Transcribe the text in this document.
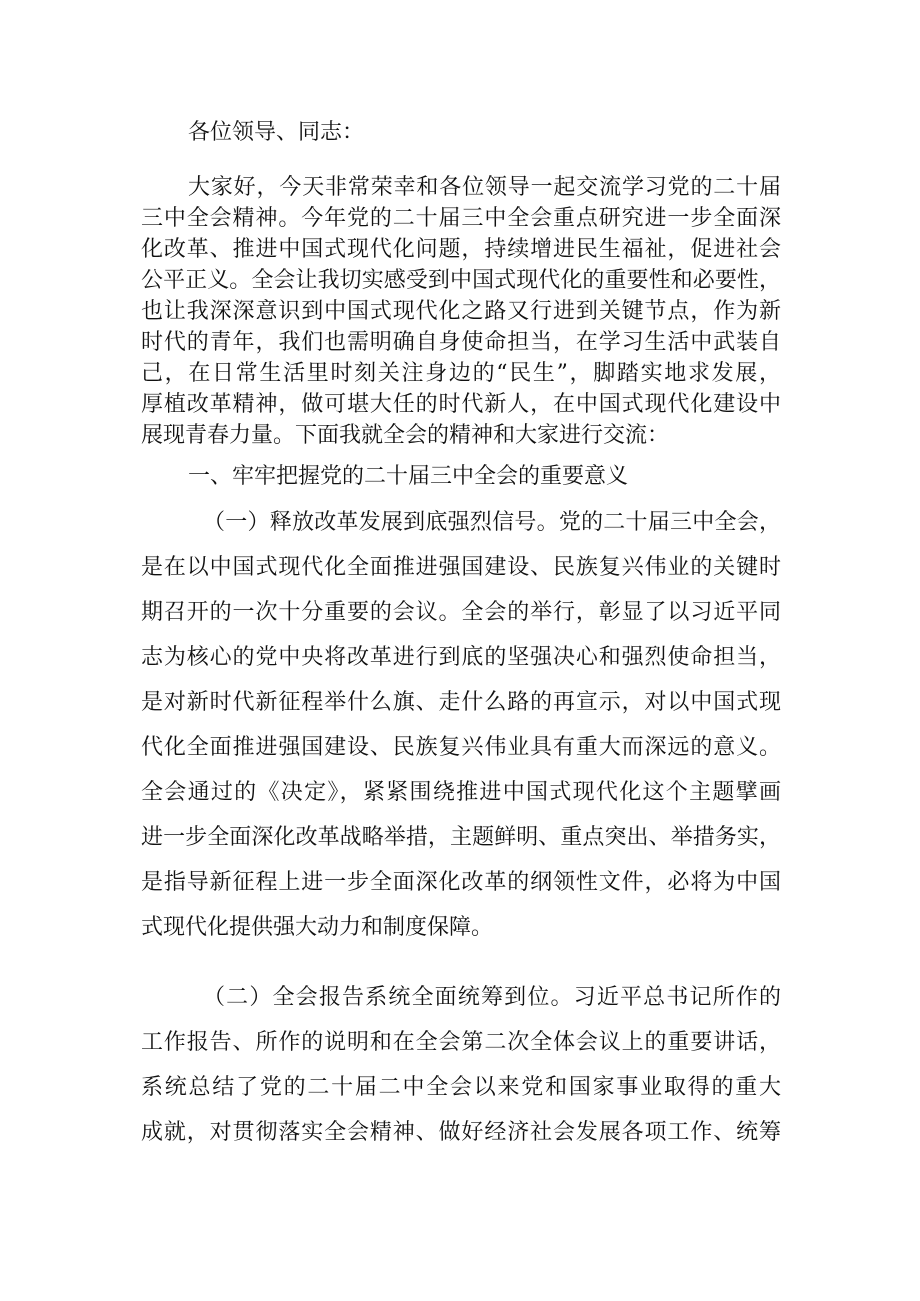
各位领导、同志：
大家好，今天非常荣幸和各位领导一起交流学习党的二十届
三中全会精神。今年党的二十届三中全会重点研究进一步全面深
化改革、推进中国式现代化问题，持续增进民生福祉，促进社会
公平正义。全会让我切实感受到中国式现代化的重要性和必要性，
也让我深深意识到中国式现代化之路又行进到关键节点，作为新
时代的青年，我们也需明确自身使命担当，在学习生活中武装自
己，在日常生活里时刻关注身边的“民生”，脚踏实地求发展，
厚植改革精神，做可堪大任的时代新人，在中国式现代化建设中
展现青春力量。下面我就全会的精神和大家进行交流：
一、牢牢把握党的二十届三中全会的重要意义
（一）释放改革发展到底强烈信号。党的二十届三中全会，
是在以中国式现代化全面推进强国建设、民族复兴伟业的关键时
期召开的一次十分重要的会议。全会的举行，彰显了以习近平同
志为核心的党中央将改革进行到底的坚强决心和强烈使命担当，
是对新时代新征程举什么旗、走什么路的再宣示，对以中国式现
代化全面推进强国建设、民族复兴伟业具有重大而深远的意义。
全会通过的《决定》，紧紧围绕推进中国式现代化这个主题擘画
进一步全面深化改革战略举措，主题鲜明、重点突出、举措务实，
是指导新征程上进一步全面深化改革的纲领性文件，必将为中国
式现代化提供强大动力和制度保障。
（二）全会报告系统全面统筹到位。习近平总书记所作的
工作报告、所作的说明和在全会第二次全体会议上的重要讲话，
系统总结了党的二十届二中全会以来党和国家事业取得的重大
成就，对贯彻落实全会精神、做好经济社会发展各项工作、统筹
